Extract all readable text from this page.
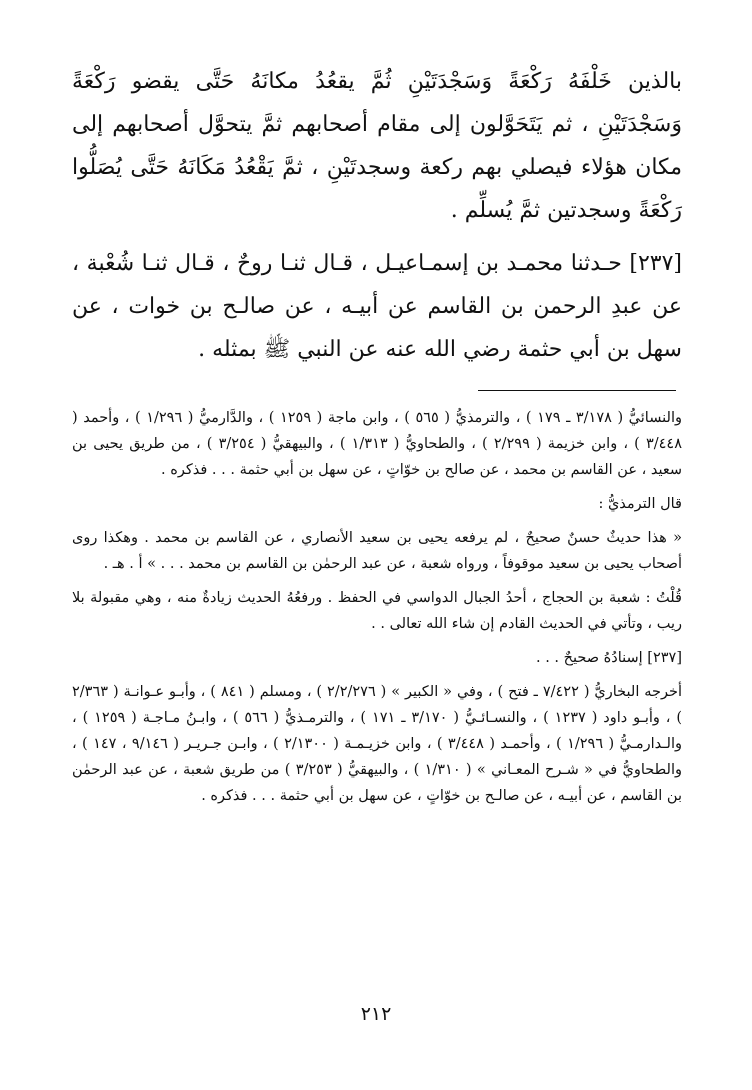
بالذين خَلْفَهُ رَكْعَةً وَسَجْدَتَيْنِ ثُمَّ يقعُدُ مكانَهُ حَتَّى يقضو رَكْعَةً وَسَجْدَتَيْنِ ، ثم يَتَحَوَّلون إلى مقام أصحابهم ثمَّ يتحوَّل أصحابهم إلى مكان هؤلاء فيصلي بهم ركعة وسجدتَيْنِ ، ثمَّ يَقْعُدُ مَكَانَهُ حَتَّى يُصَلُّوا رَكْعَةً وسجدتين ثمَّ يُسلِّم .

[٢٣٧] حـدثنا محمـد بن إسمـاعيـل ، قـال ثنـا روحٌ ، قـال ثنـا شُعْبة ، عن عبدِ الرحمن بن القاسم عن أبيـه ، عن صالـح بن خوات ، عن سهل بن أبي حثمة رضي الله عنه عن النبي ﷺ بمثله .

والنسائيُّ ( ٣/١٧٨ ـ ١٧٩ ) ، والترمذيُّ ( ٥٦٥ ) ، وابن ماجة ( ١٢٥٩ ) ، والدَّارميُّ ( ١/٢٩٦ ) ، وأحمد ( ٣/٤٤٨ ) ، وابن خزيمة ( ٢/٢٩٩ ) ، والطحاويُّ ( ١/٣١٣ ) ، والبيهقيُّ ( ٣/٢٥٤ ) ، من طريق يحيى بن سعيد ، عن القاسم بن محمد ، عن صالح بن خوّاتٍ ، عن سهل بن أبي حثمة . . . فذكره .

قال الترمذيُّ :

« هذا حديثٌ حسنٌ صحيحٌ ، لم يرفعه يحيى بن سعيد الأنصاري ، عن القاسم بن محمد . وهكذا روى أصحاب يحيى بن سعيد موقوفاً ، ورواه شعبة ، عن عبد الرحمٰن بن القاسم بن محمد . . . » أ . هـ .

قُلْتُ : شعبة بن الحجاج ، أحدُ الجبال الدواسي في الحفظ . ورفعُهُ الحديث زيادةٌ منه ، وهي مقبولة بلا ريب ، وتأتي في الحديث القادم إن شاء الله تعالى . .

[٢٣٧] إسنادُهُ صحيحٌ . . .

أخرجه البخاريُّ ( ٧/٤٢٢ ـ فتح ) ، وفي « الكبير » ( ٢/٢/٢٧٦ ) ، ومسلم ( ٨٤١ ) ، وأبـو عـوانـة ( ٢/٣٦٣ ) ، وأبـو داود ( ١٢٣٧ ) ، والنسـائـيُّ ( ٣/١٧٠ ـ ١٧١ ) ، والترمـذيُّ ( ٥٦٦ ) ، وابـنُ مـاجـة ( ١٢٥٩ ) ، والـدارمـيُّ ( ١/٢٩٦ ) ، وأحمـد ( ٣/٤٤٨ ) ، وابن خزيـمـة ( ٢/١٣٠٠ ) ، وابـن جـريـر ( ٩/١٤٦ ، ١٤٧ ) ، والطحاويُّ في « شـرح المعـاني » ( ١/٣١٠ ) ، والبيهقيُّ ( ٣/٢٥٣ ) من طريق شعبة ، عن عبد الرحمٰن بن القاسم ، عن أبيـه ، عن صالـح بن خوّاتٍ ، عن سهل بن أبي حثمة . . . فذكره .

٢١٢
